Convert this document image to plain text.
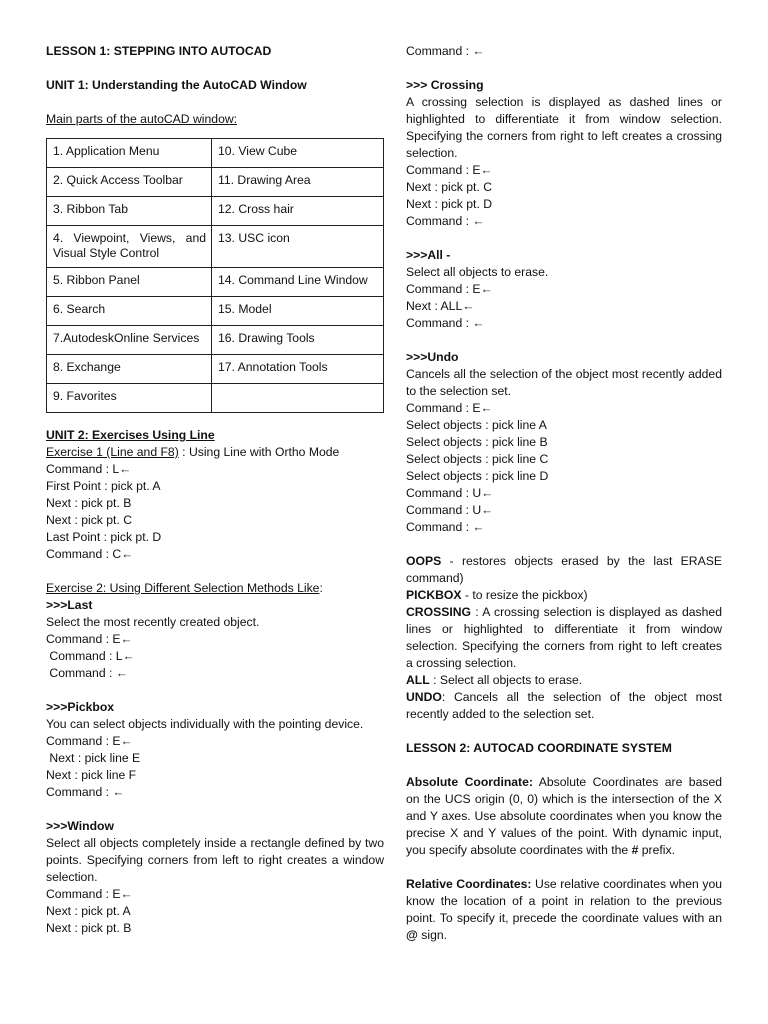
LESSON 1: STEPPING INTO AUTOCAD

UNIT 1: Understanding the AutoCAD Window

Main parts of the autoCAD window:

1. Application Menu	10. View Cube
2. Quick Access Toolbar	11. Drawing Area
3. Ribbon Tab	12. Cross hair
4. Viewpoint, Views, and Visual Style Control	13. USC icon
5. Ribbon Panel	14. Command Line Window
6. Search	15. Model
7.AutodeskOnline Services	16. Drawing Tools
8. Exchange	17. Annotation Tools
9. Favorites	

UNIT 2: Exercises Using Line

Exercise 1 (Line and F8) : Using Line with Ortho Mode

Command : L←

First Point : pick pt. A

Next : pick pt. B

Next : pick pt. C

Last Point : pick pt. D

Command : C←

Exercise 2: Using Different Selection Methods Like:

>>>Last

Select the most recently created object.

Command : E←

Command : L←

Command : ←

>>>Pickbox

You can select objects individually with the pointing device.

Command : E←

Next : pick line E

Next : pick line F

Command : ←

>>>Window

Select all objects completely inside a rectangle defined by two points. Specifying corners from left to right creates a window selection.

Command : E←

Next : pick pt. A

Next : pick pt. B

Command : ←

>>> Crossing

A crossing selection is displayed as dashed lines or highlighted to differentiate it from window selection. Specifying the corners from right to left creates a crossing selection.

Command : E←

Next : pick pt. C

Next : pick pt. D

Command : ←

>>>All -

Select all objects to erase.

Command : E←

Next : ALL←

Command : ←

>>>Undo

Cancels all the selection of the object most recently added to the selection set.

Command : E←

Select objects : pick line A

Select objects : pick line B

Select objects : pick line C

Select objects : pick line D

Command : U←

Command : U←

Command : ←

OOPS - restores objects erased by the last ERASE command)

PICKBOX - to resize the pickbox)

CROSSING : A crossing selection is displayed as dashed lines or highlighted to differentiate it from window selection. Specifying the corners from right to left creates a crossing selection.

ALL : Select all objects to erase.

UNDO: Cancels all the selection of the object most recently added to the selection set.

LESSON 2: AUTOCAD COORDINATE SYSTEM

Absolute Coordinate: Absolute Coordinates are based on the UCS origin (0, 0) which is the intersection of the X and Y axes. Use absolute coordinates when you know the precise X and Y values of the point. With dynamic input, you specify absolute coordinates with the # prefix.

Relative Coordinates: Use relative coordinates when you know the location of a point in relation to the previous point. To specify it, precede the coordinate values with an @ sign.
